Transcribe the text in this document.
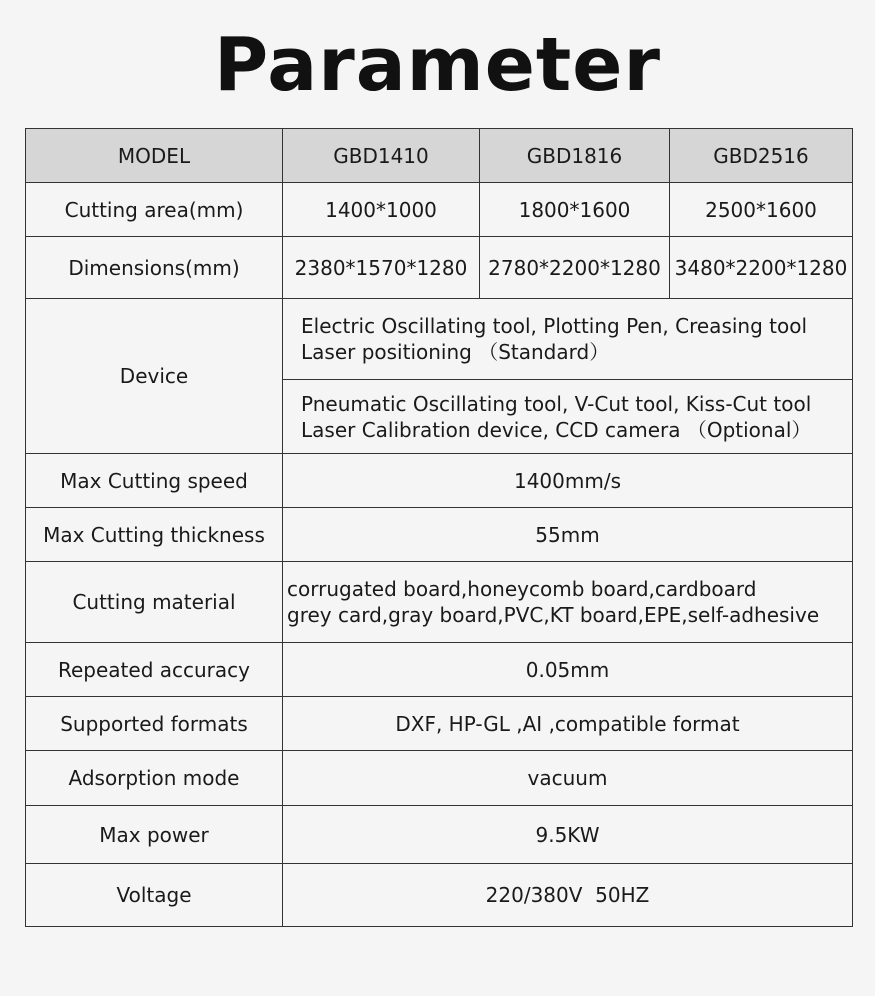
Parameter
MODEL	GBD1410	GBD1816	GBD2516
Cutting area(mm)	1400*1000	1800*1600	2500*1600
Dimensions(mm)	2380*1570*1280	2780*2200*1280	3480*2200*1280
Device	Electric Oscillating tool, Plotting Pen, Creasing tool
Laser positioning （Standard）		

	Pneumatic Oscillating tool, V-Cut tool, Kiss-Cut tool
Laser Calibration device, CCD camera （Optional）		

Max Cutting speed	1400mm/s		
Max Cutting thickness	55mm		
Cutting material	corrugated board,honeycomb board,cardboard
grey card,gray board,PVC,KT board,EPE,self-adhesive		

Repeated accuracy	0.05mm		
Supported formats	DXF, HP-GL ,AI ,compatible format		
Adsorption mode	vacuum		
Max power	9.5KW		
Voltage	220/380V  50HZ		
